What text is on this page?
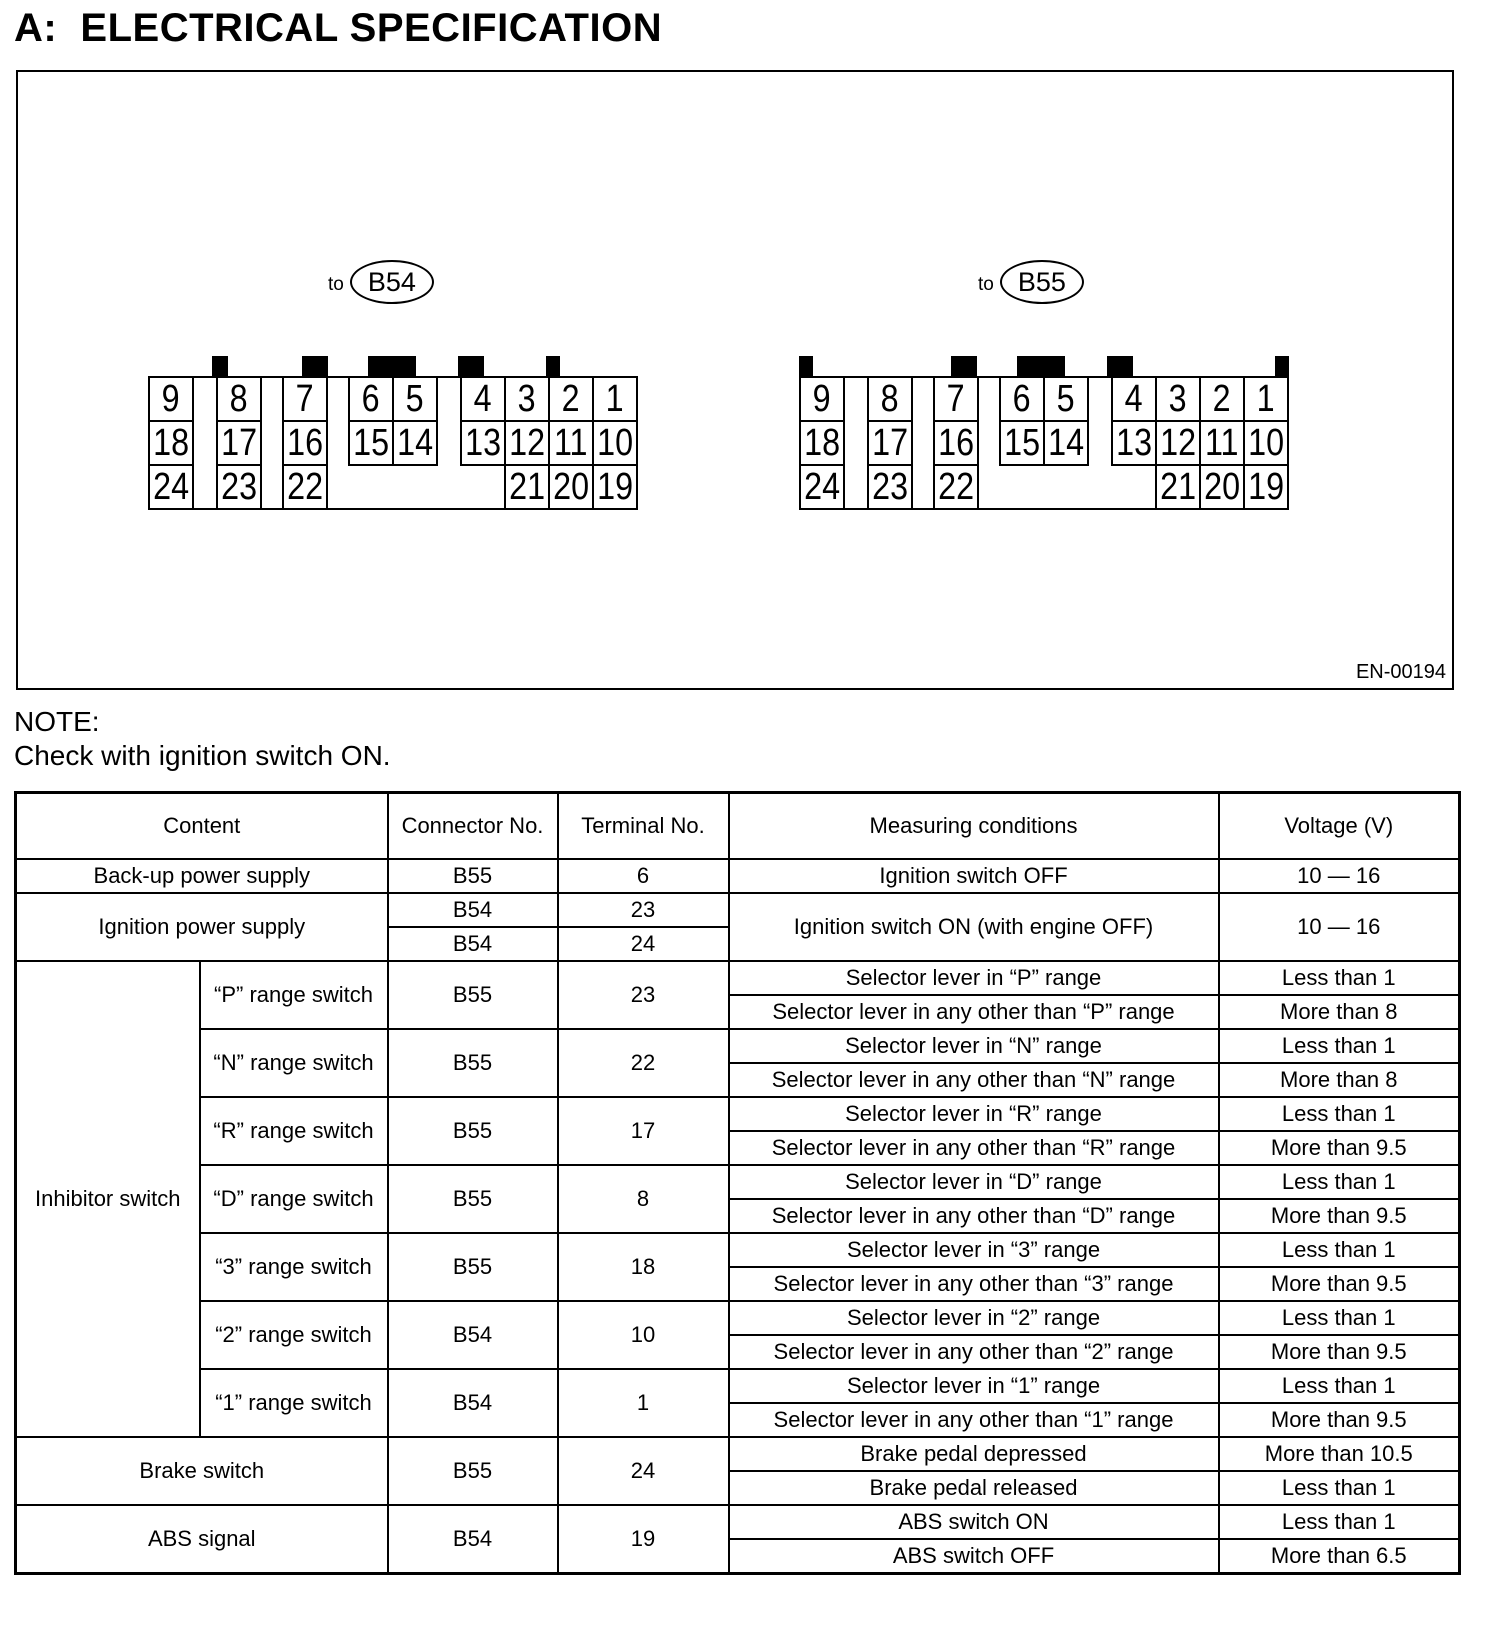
A:  ELECTRICAL SPECIFICATION
to B54
9 8 7 6 5 4 3 2 1
18 17 16 15 14 13 12 11 10
24 23 22	21 20 19
to B55
9 8 7 6 5 4 3 2 1
18 17 16 15 14 13 12 11 10
24 23 22	21 20 19
EN-00194
NOTE:
Check with ignition switch ON.
Content		Connector No.	Terminal No.	Measuring conditions	Voltage (V)
Back-up power supply		B55	6	Ignition switch OFF	10 — 16
Ignition power supply		B54	23	Ignition switch ON (with engine OFF)	10 — 16
		B54	24		
Inhibitor switch	“P” range switch	B55	23	Selector lever in “P” range	Less than 1
				Selector lever in any other than “P” range	More than 8
	“N” range switch	B55	22	Selector lever in “N” range	Less than 1
				Selector lever in any other than “N” range	More than 8
	“R” range switch	B55	17	Selector lever in “R” range	Less than 1
				Selector lever in any other than “R” range	More than 9.5
	“D” range switch	B55	8	Selector lever in “D” range	Less than 1
				Selector lever in any other than “D” range	More than 9.5
	“3” range switch	B55	18	Selector lever in “3” range	Less than 1
				Selector lever in any other than “3” range	More than 9.5
	“2” range switch	B54	10	Selector lever in “2” range	Less than 1
				Selector lever in any other than “2” range	More than 9.5
	“1” range switch	B54	1	Selector lever in “1” range	Less than 1
				Selector lever in any other than “1” range	More than 9.5
Brake switch		B55	24	Brake pedal depressed	More than 10.5
				Brake pedal released	Less than 1
ABS signal		B54	19	ABS switch ON	Less than 1
				ABS switch OFF	More than 6.5
